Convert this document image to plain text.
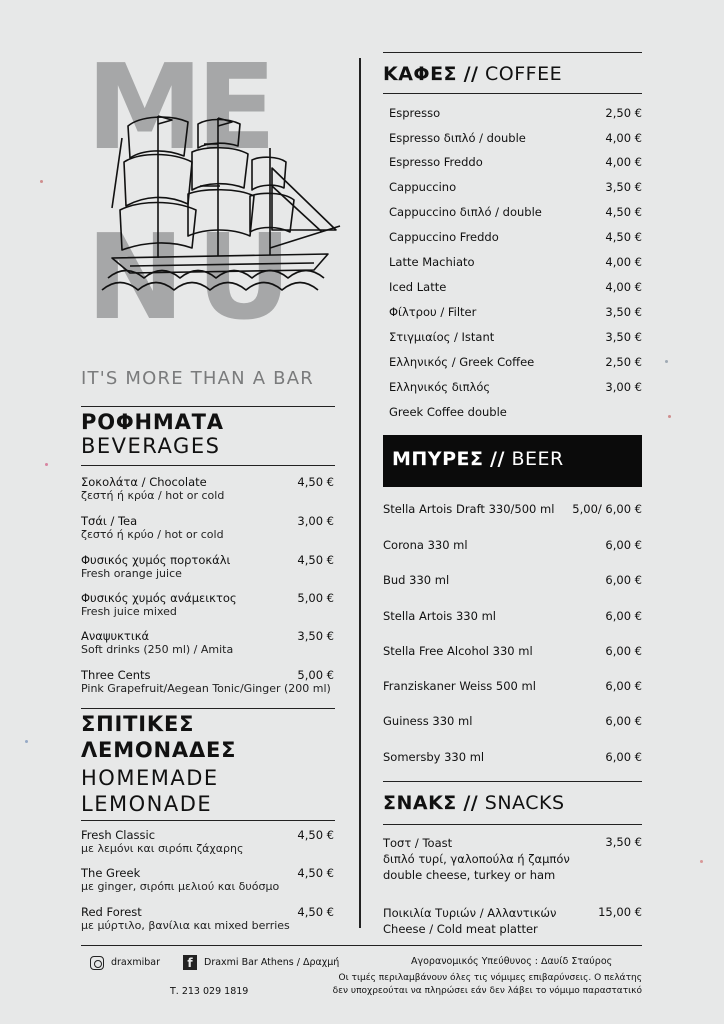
M
E
N U
IT'S MORE THAN A BAR
ΡΟΦΗΜΑΤΑ
BEVERAGES
Σοκολάτα / Chocolate
ζεστή ή κρύα / hot or cold
4,50 €
Τσάι / Tea
ζεστό ή κρύο / hot or cold
3,00 €
Φυσικός χυμός πορτοκάλι
Fresh orange juice
4,50 €
Φυσικός χυμός ανάμεικτος
Fresh juice mixed
5,00 €
Αναψυκτικά
Soft drinks (250 ml) / Amita
3,50 €
Three Cents
Pink Grapefruit/Aegean Tonic/Ginger (200 ml)
5,00 €
ΣΠΙΤΙΚΕΣ
ΛΕΜΟΝΑΔΕΣ
HOMEMADE
LEMONADE
Fresh Classic
με λεμόνι και σιρόπι ζάχαρης
4,50 €
The Greek
με ginger, σιρόπι μελιού και δυόσμο
4,50 €
Red Forest
με μύρτιλο, βανίλια και mixed berries
4,50 €
ΚΑΦΕΣ // COFFEE
Espresso	2,50 €
Espresso διπλό / double	4,00 €
Espresso Freddo	4,00 €
Cappuccino	3,50 €
Cappuccino διπλό / double	4,50 €
Cappuccino Freddo	4,50 €
Latte Machiato	4,00 €
Iced Latte	4,00 €
Φίλτρου / Filter	3,50 €
Στιγμιαίος / Istant	3,50 €
Ελληνικός / Greek Coffee	2,50 €
Ελληνικός διπλός	3,00 €
Greek Coffee double
ΜΠΥΡΕΣ // BEER
Stella Artois Draft 330/500 ml 5,00/ 6,00 €
Corona 330 ml	6,00 €
Bud 330 ml	6,00 €
Stella Artois 330 ml	6,00 €
Stella Free Alcohol 330 ml	6,00 €
Franziskaner Weiss 500 ml	6,00 €
Guiness 330 ml	6,00 €
Somersby 330 ml	6,00 €
ΣΝΑΚΣ // SNACKS
Τοστ / Toast
διπλό τυρί, γαλοπούλα ή ζαμπόν
double cheese, turkey or ham
3,50 €
Ποικιλία Τυριών / Αλλαντικών
Cheese / Cold meat platter
15,00 €
draxmibar	f	Draxmi Bar Athens / Δραχμή
Τ. 213 029 1819
Αγορανομικός Υπεύθυνος : Δαυίδ Σταύρος
Οι τιμές περιλαμβάνουν όλες τις νόμιμες επιβαρύνσεις. Ο πελάτης
δεν υποχρεούται να πληρώσει εάν δεν λάβει το νόμιμο παραστατικό
